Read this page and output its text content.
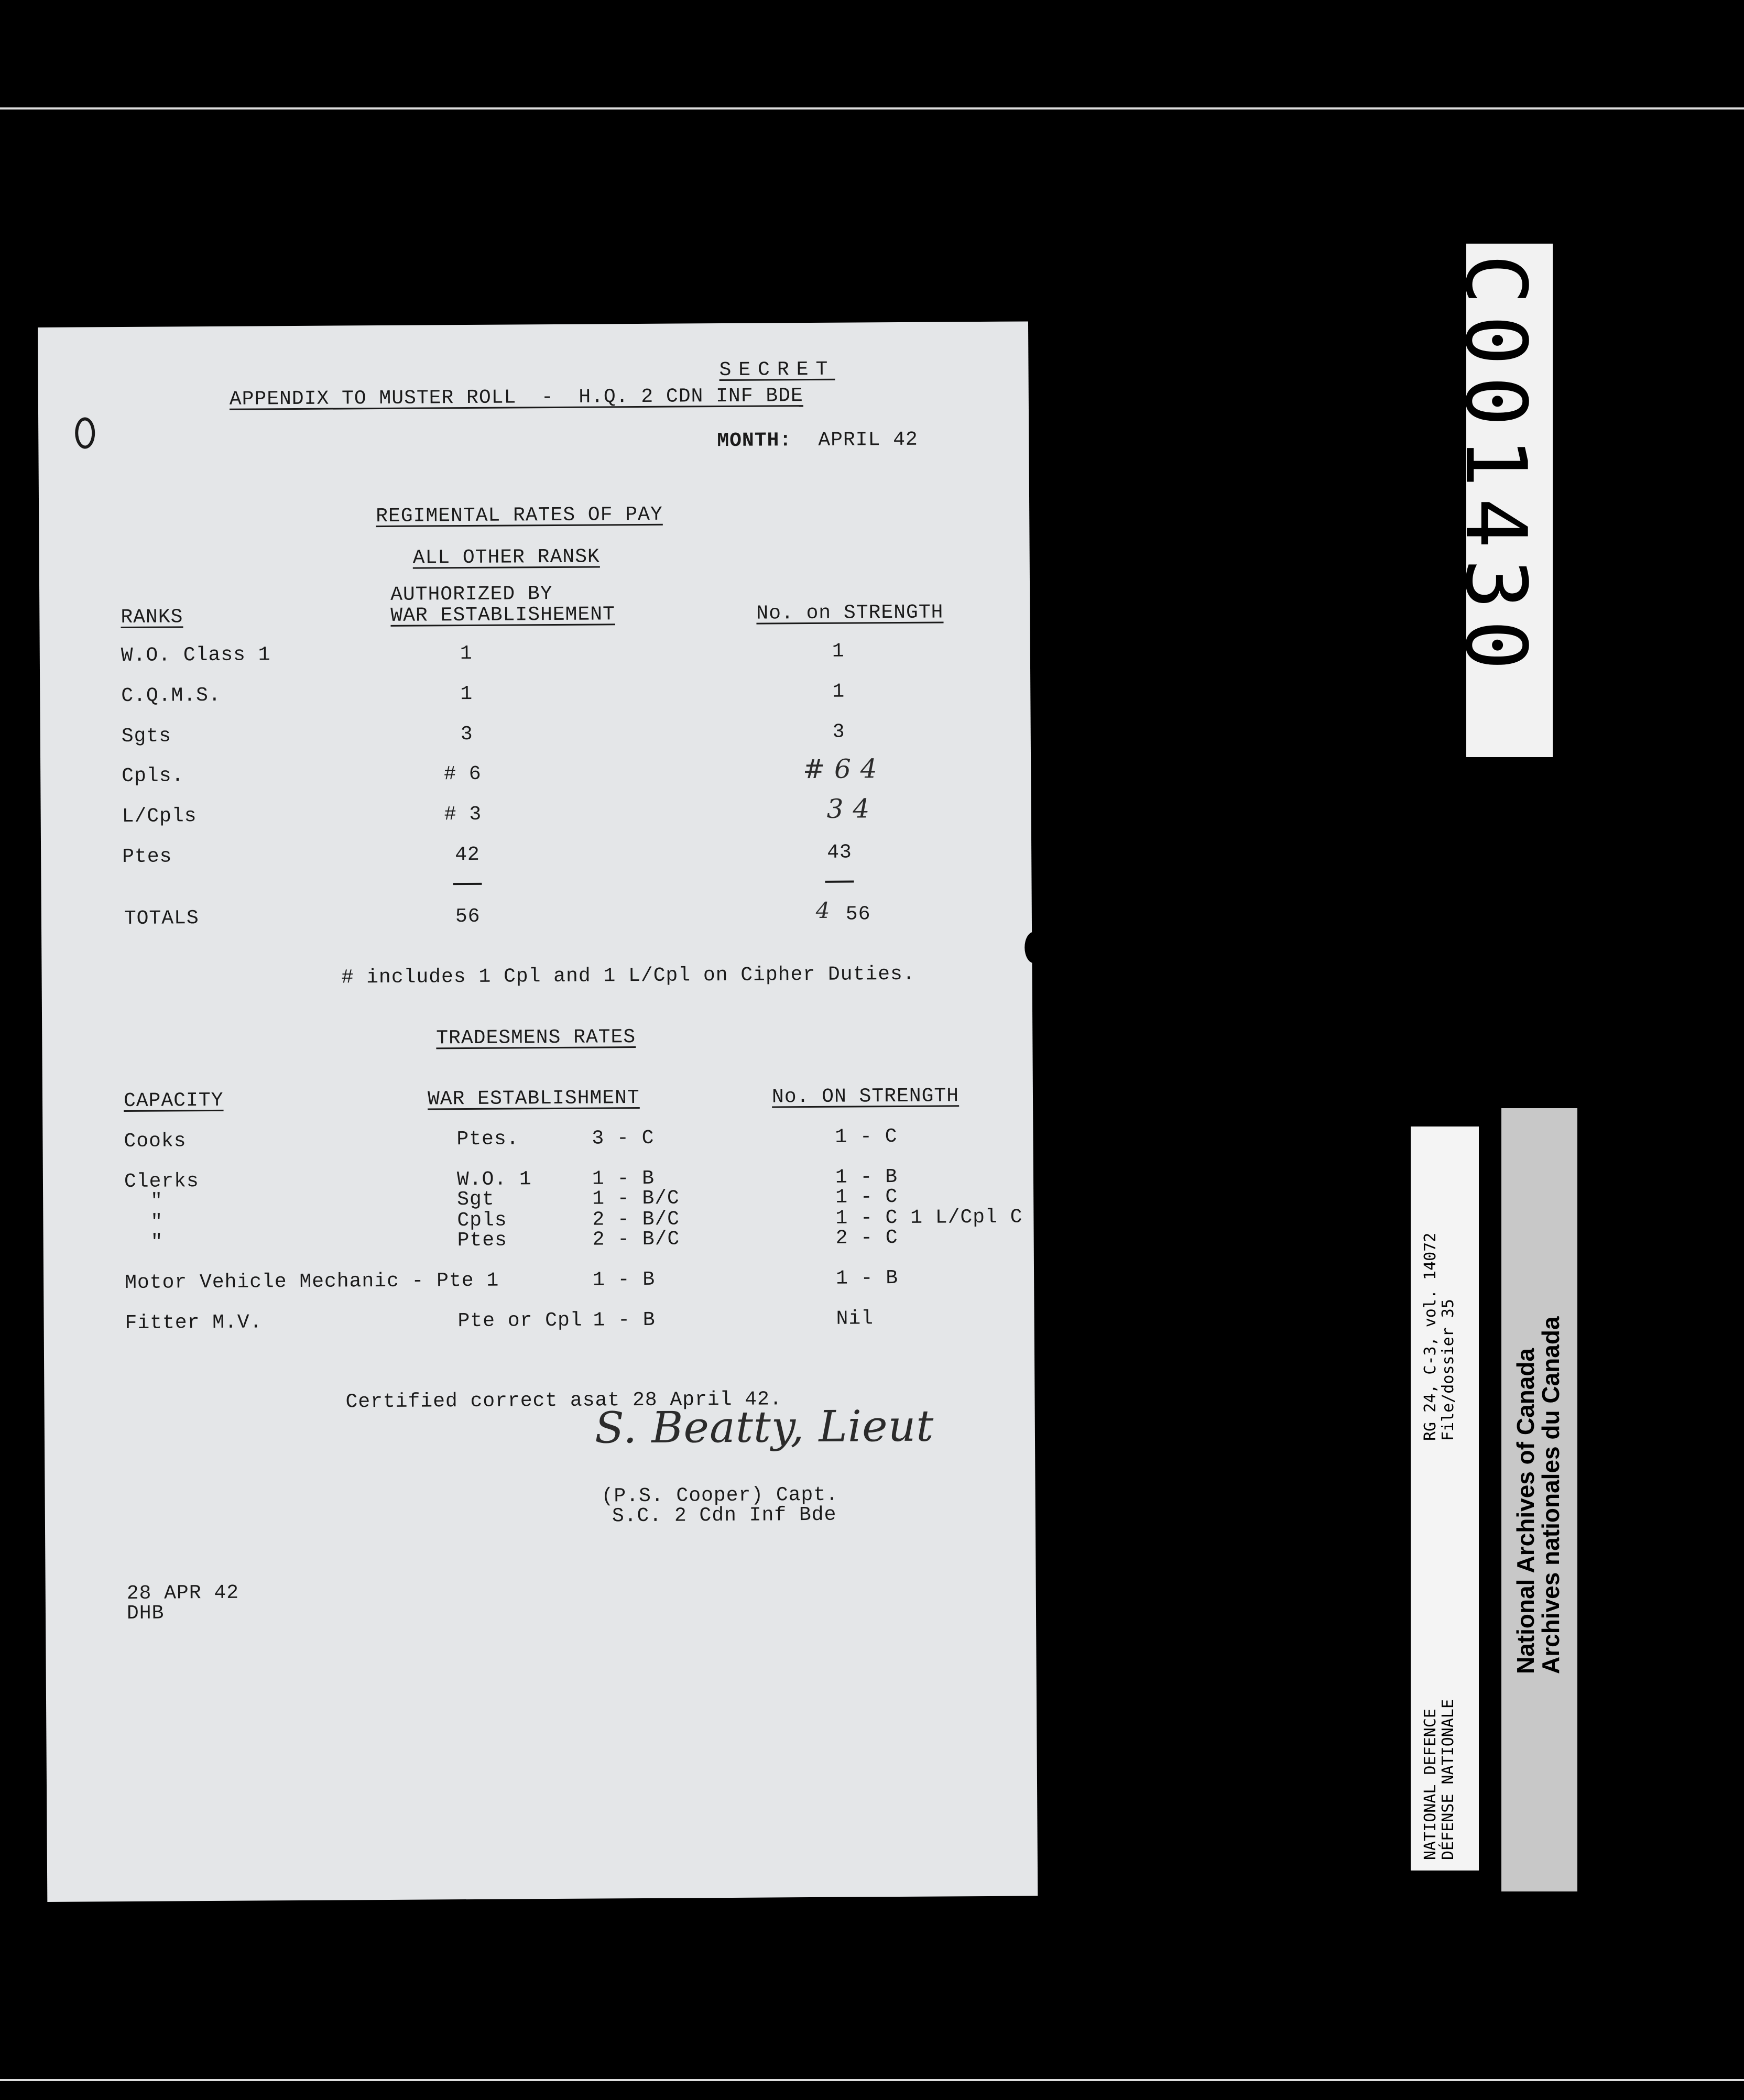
SECRET
APPENDIX TO MUSTER ROLL  -  H.Q. 2 CDN INF BDE
MONTH: APRIL 42
REGIMENTAL RATES OF PAY
ALL OTHER RANSK
RANKS
AUTHORIZED BY
WAR ESTABLISHEMENT	No. on STRENGTH
W.O. Class 1	1	1
C.Q.M.S.	1	1
Sgts	3	3
Cpls.	# 6	# 6 4
L/Cpls	# 3	3 4
Ptes	42	43
TOTALS	56	4 56
# includes 1 Cpl and 1 L/Cpl on Cipher Duties.
TRADESMENS RATES
CAPACITY	WAR ESTABLISHMENT	No. ON STRENGTH
Cooks	Ptes.	3 - C	1 - C
Clerks	W.O. 1	1 - B	1 - B
"	Sgt	1 - B/C	1 - C
"	Cpls	2 - B/C	1 - C 1 L/Cpl C
"	Ptes	2 - B/C	2 - C
Motor Vehicle Mechanic - Pte 1	1 - B	1 - B
Fitter M.V.	Pte or Cpl 1 - B	Nil
Certified correct asat 28 April 42.
S. Beatty, Lieut
(P.S. Cooper) Capt.
S.C. 2 Cdn Inf Bde
28 APR 42
DHB
C001430
RG 24, C-3, vol. 14072 File/dossier 35
NATIONAL DEFENCE DÉFENSE NATIONALE
National Archives of Canada
Archives nationales du Canada
